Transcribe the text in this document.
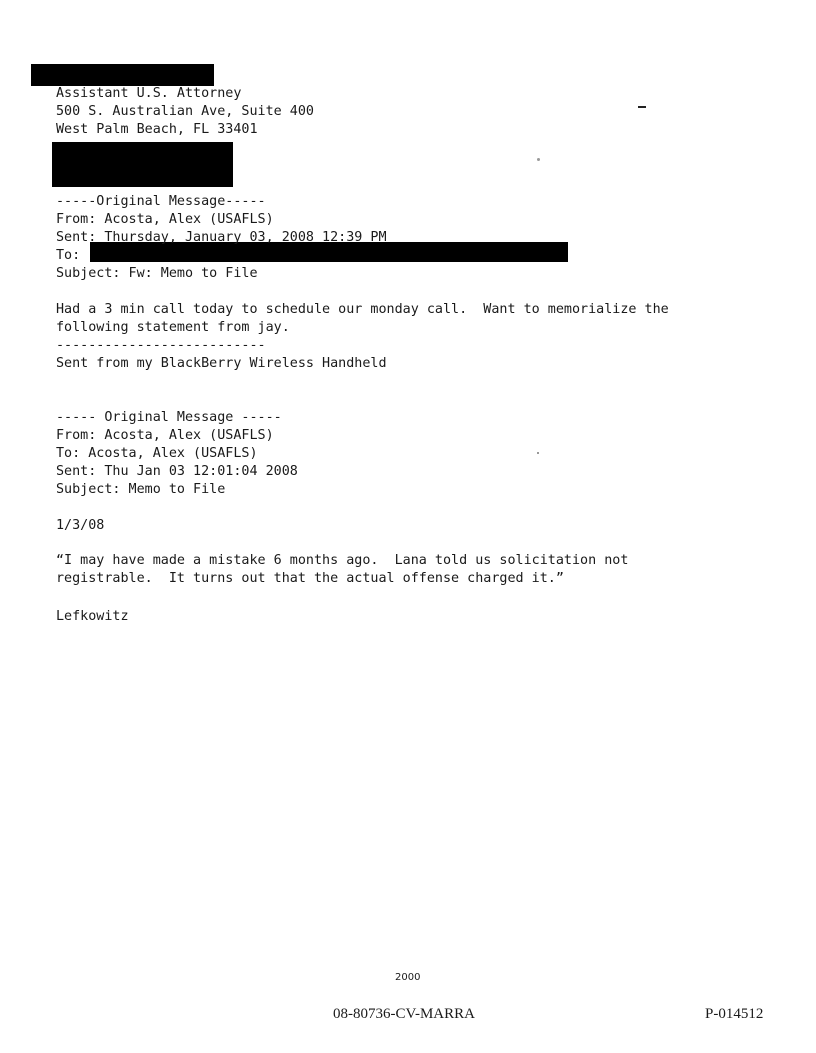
Assistant U.S. Attorney
500 S. Australian Ave, Suite 400
West Palm Beach, FL 33401
-----Original Message-----
From: Acosta, Alex (USAFLS)
Sent: Thursday, January 03, 2008 12:39 PM
To:
Subject: Fw: Memo to File
Had a 3 min call today to schedule our monday call.  Want to memorialize the
following statement from jay.
--------------------------
Sent from my BlackBerry Wireless Handheld
----- Original Message -----
From: Acosta, Alex (USAFLS)
To: Acosta, Alex (USAFLS)
Sent: Thu Jan 03 12:01:04 2008
Subject: Memo to File
1/3/08
“I may have made a mistake 6 months ago.  Lana told us solicitation not
registrable.  It turns out that the actual offense charged it.”
Lefkowitz
2000
08-80736-CV-MARRA	P-014512
